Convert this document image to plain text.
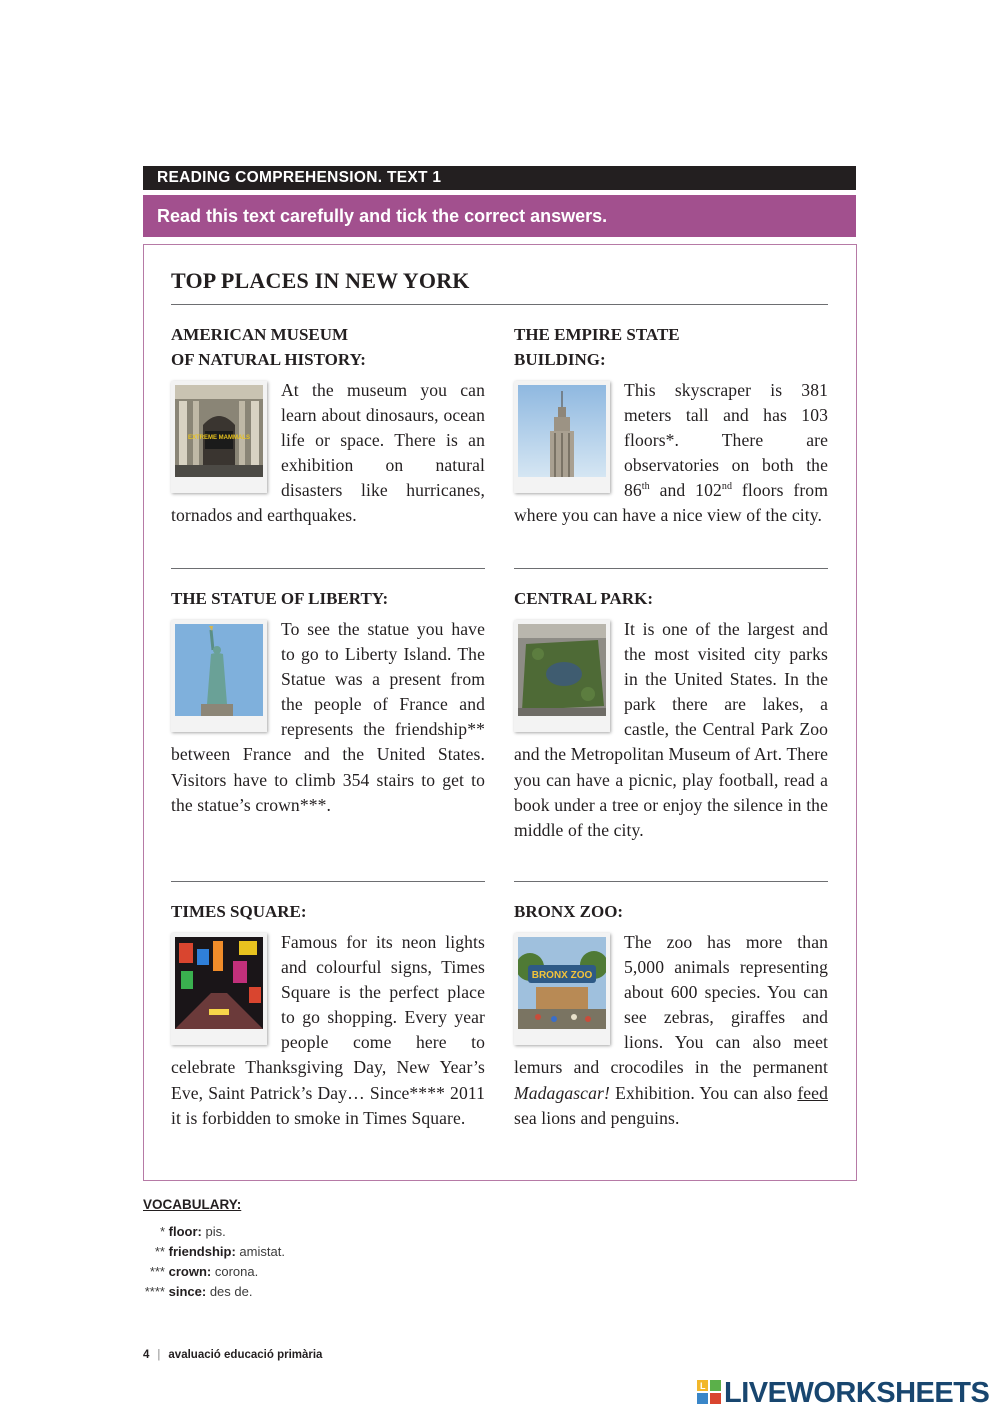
READING COMPREHENSION. TEXT 1
Read this text carefully and tick the correct answers.
TOP PLACES IN NEW YORK
AMERICAN MUSEUM
OF NATURAL HISTORY:
EXTREME MAMMALS

At the museum you can learn about dinosaurs, ocean life or space. There is an exhibition on natural disasters like hurricanes, tornados and earthquakes.

THE EMPIRE STATE
BUILDING:

This skyscraper is 381 meters tall and has 103 floors*. There are observatories on both the 86th and 102nd floors from where you can have a nice view of the city.

THE STATUE OF LIBERTY:

To see the statue you have to go to Liberty Island. The Statue was a present from the people of France and represents the friendship** between France and the United States. Visitors have to climb 354 stairs to get to the statue’s crown***.

CENTRAL PARK:

It is one of the largest and the most visited city parks in the United States. In the park there are lakes, a castle, the Central Park Zoo and the Metropolitan Museum of Art. There you can have a picnic, play football, read a book under a tree or enjoy the silence in the middle of the city.

TIMES SQUARE:

Famous for its neon lights and colourful signs, Times Square is the perfect place to go shopping. Every year people come here to celebrate Thanksgiving Day, New Year’s Eve, Saint Patrick’s Day… Since**** 2011 it is forbidden to smoke in Times Square.

BRONX ZOO:
BRONX ZOO

The zoo has more than 5,000 animals representing about 600 species. You can see zebras, giraffes and lions. You can also meet lemurs and crocodiles in the permanent Madagascar! Exhibition. You can also feed sea lions and penguins.

VOCABULARY:
* floor: pis.
** friendship: amistat.
*** crown: corona.
**** since: des de.
4 | avaluació educació primària
L LIVEWORKSHEETS
